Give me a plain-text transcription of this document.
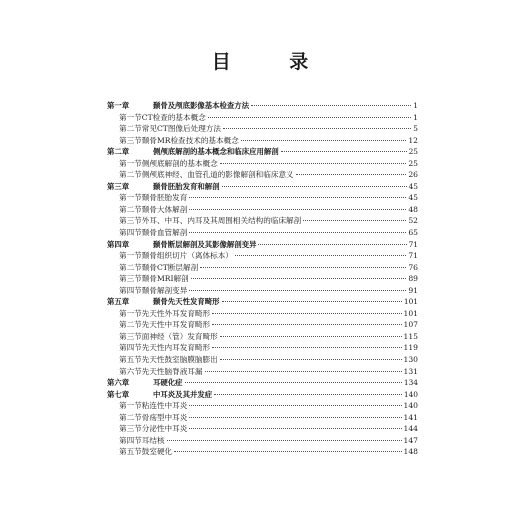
目 录
第一章	颞骨及颅底影像基本检查方法	1
第一节 CT检查的基本概念	1
第二节 常见CT图像后处理方法	5
第三节 颞骨MR检查技术的基本概念	12
第二章	侧颅底解剖的基本概念和临床应用解剖	25
第一节 侧颅底解剖的基本概念	25
第二节 侧颅底神经、血管孔道的影像解剖和临床意义	26
第三章	颞骨胚胎发育和解剖	45
第一节 颞骨胚胎发育	45
第二节 颞骨大体解剖	48
第三节 外耳、中耳、内耳及其周围相关结构的临床解剖	52
第四节 颞骨血管解剖	65
第四章	颞骨断层解剖及其影像解剖变异	71
第一节 颞骨组织切片（离体标本）	71
第二节 颞骨CT断层解剖	76
第三节 颞骨MRI解剖	89
第四节 颞骨解剖变异	91
第五章	颞骨先天性发育畸形	101
第一节 先天性外耳发育畸形	101
第二节 先天性中耳发育畸形	107
第三节 面神经（管）发育畸形	115
第四节 先天性内耳发育畸形	119
第五节 先天性鼓室脑膜脑膨出	130
第六节 先天性脑脊液耳漏	131
第六章	耳硬化症	134
第七章	中耳炎及其并发症	140
第一节 粘连性中耳炎	140
第二节 骨疡型中耳炎	141
第三节 分泌性中耳炎	144
第四节 耳结核	147
第五节 鼓室硬化	148
